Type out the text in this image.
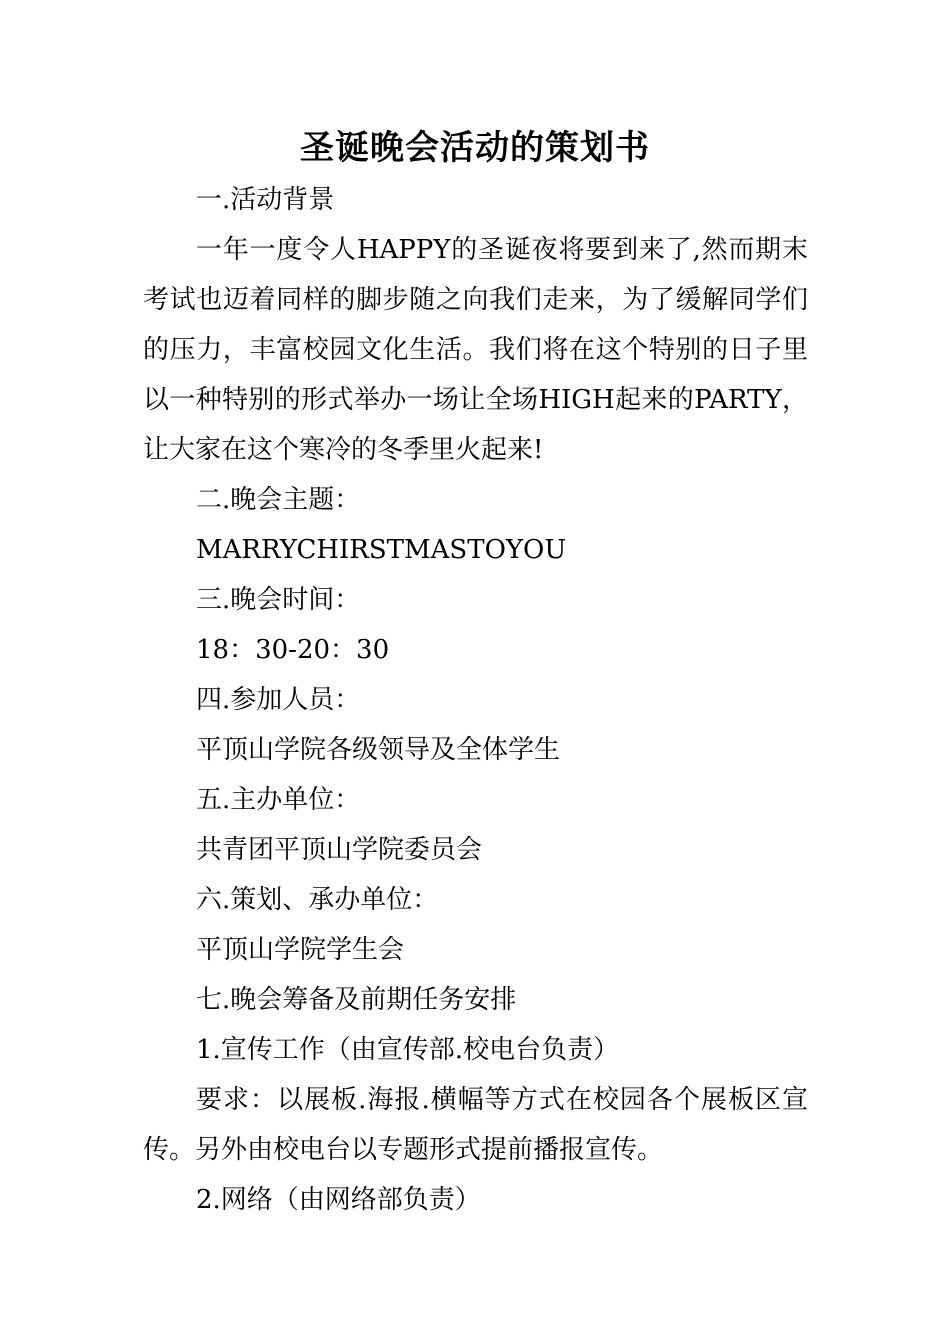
圣诞晚会活动的策划书

一.活动背景

一年一度令人HAPPY的圣诞夜将要到来了,然而期末考试也迈着同样的脚步随之向我们走来，为了缓解同学们的压力，丰富校园文化生活。我们将在这个特别的日子里以一种特别的形式举办一场让全场HIGH起来的PARTY，让大家在这个寒冷的冬季里火起来!

二.晚会主题：

MARRYCHIRSTMASTOYOU

三.晚会时间：

18：30-20：30

四.参加人员：

平顶山学院各级领导及全体学生

五.主办单位：

共青团平顶山学院委员会

六.策划、承办单位：

平顶山学院学生会

七.晚会筹备及前期任务安排

1.宣传工作（由宣传部.校电台负责）

要求：以展板.海报.横幅等方式在校园各个展板区宣传。另外由校电台以专题形式提前播报宣传。

2.网络（由网络部负责）
